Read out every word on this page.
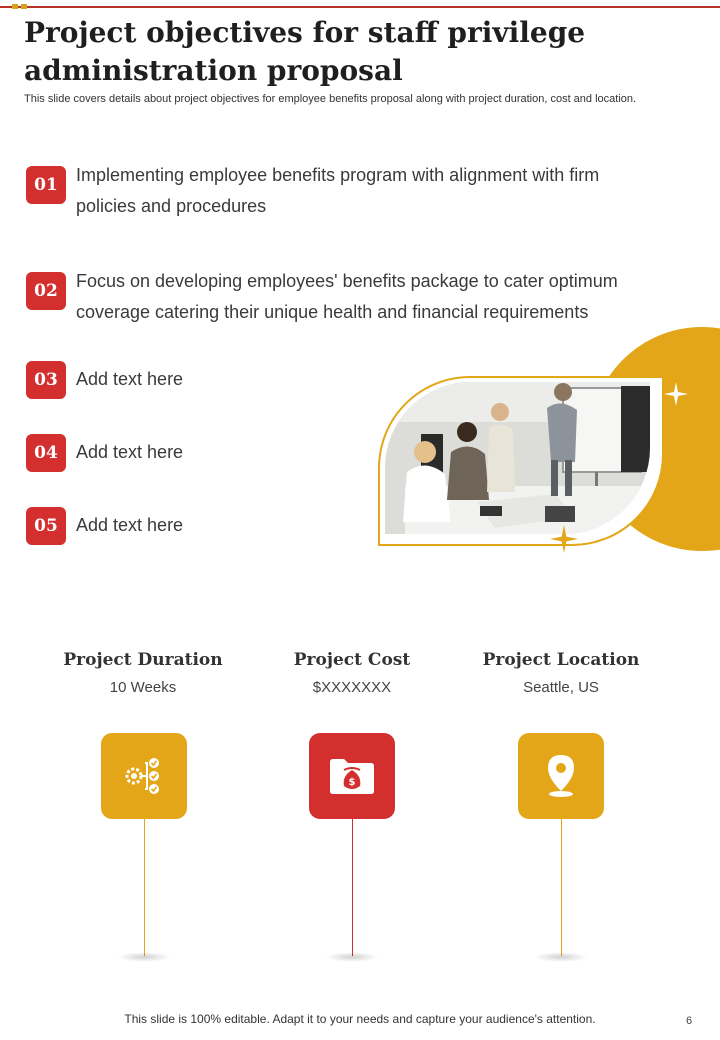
Project objectives for staff privilege administration proposal

This slide covers details about project objectives for employee benefits proposal along with project duration, cost and location.

01	Implementing employee benefits program with alignment with firm policies and procedures
02	Focus on developing employees' benefits package to cater optimum coverage catering their unique health and financial requirements
03	Add text here
04	Add text here
05	Add text here
Project Duration
10 Weeks
Project Cost
$XXXXXXX
Project Location
Seattle, US
$
This slide is 100% editable. Adapt it to your needs and capture your audience's attention.	6
